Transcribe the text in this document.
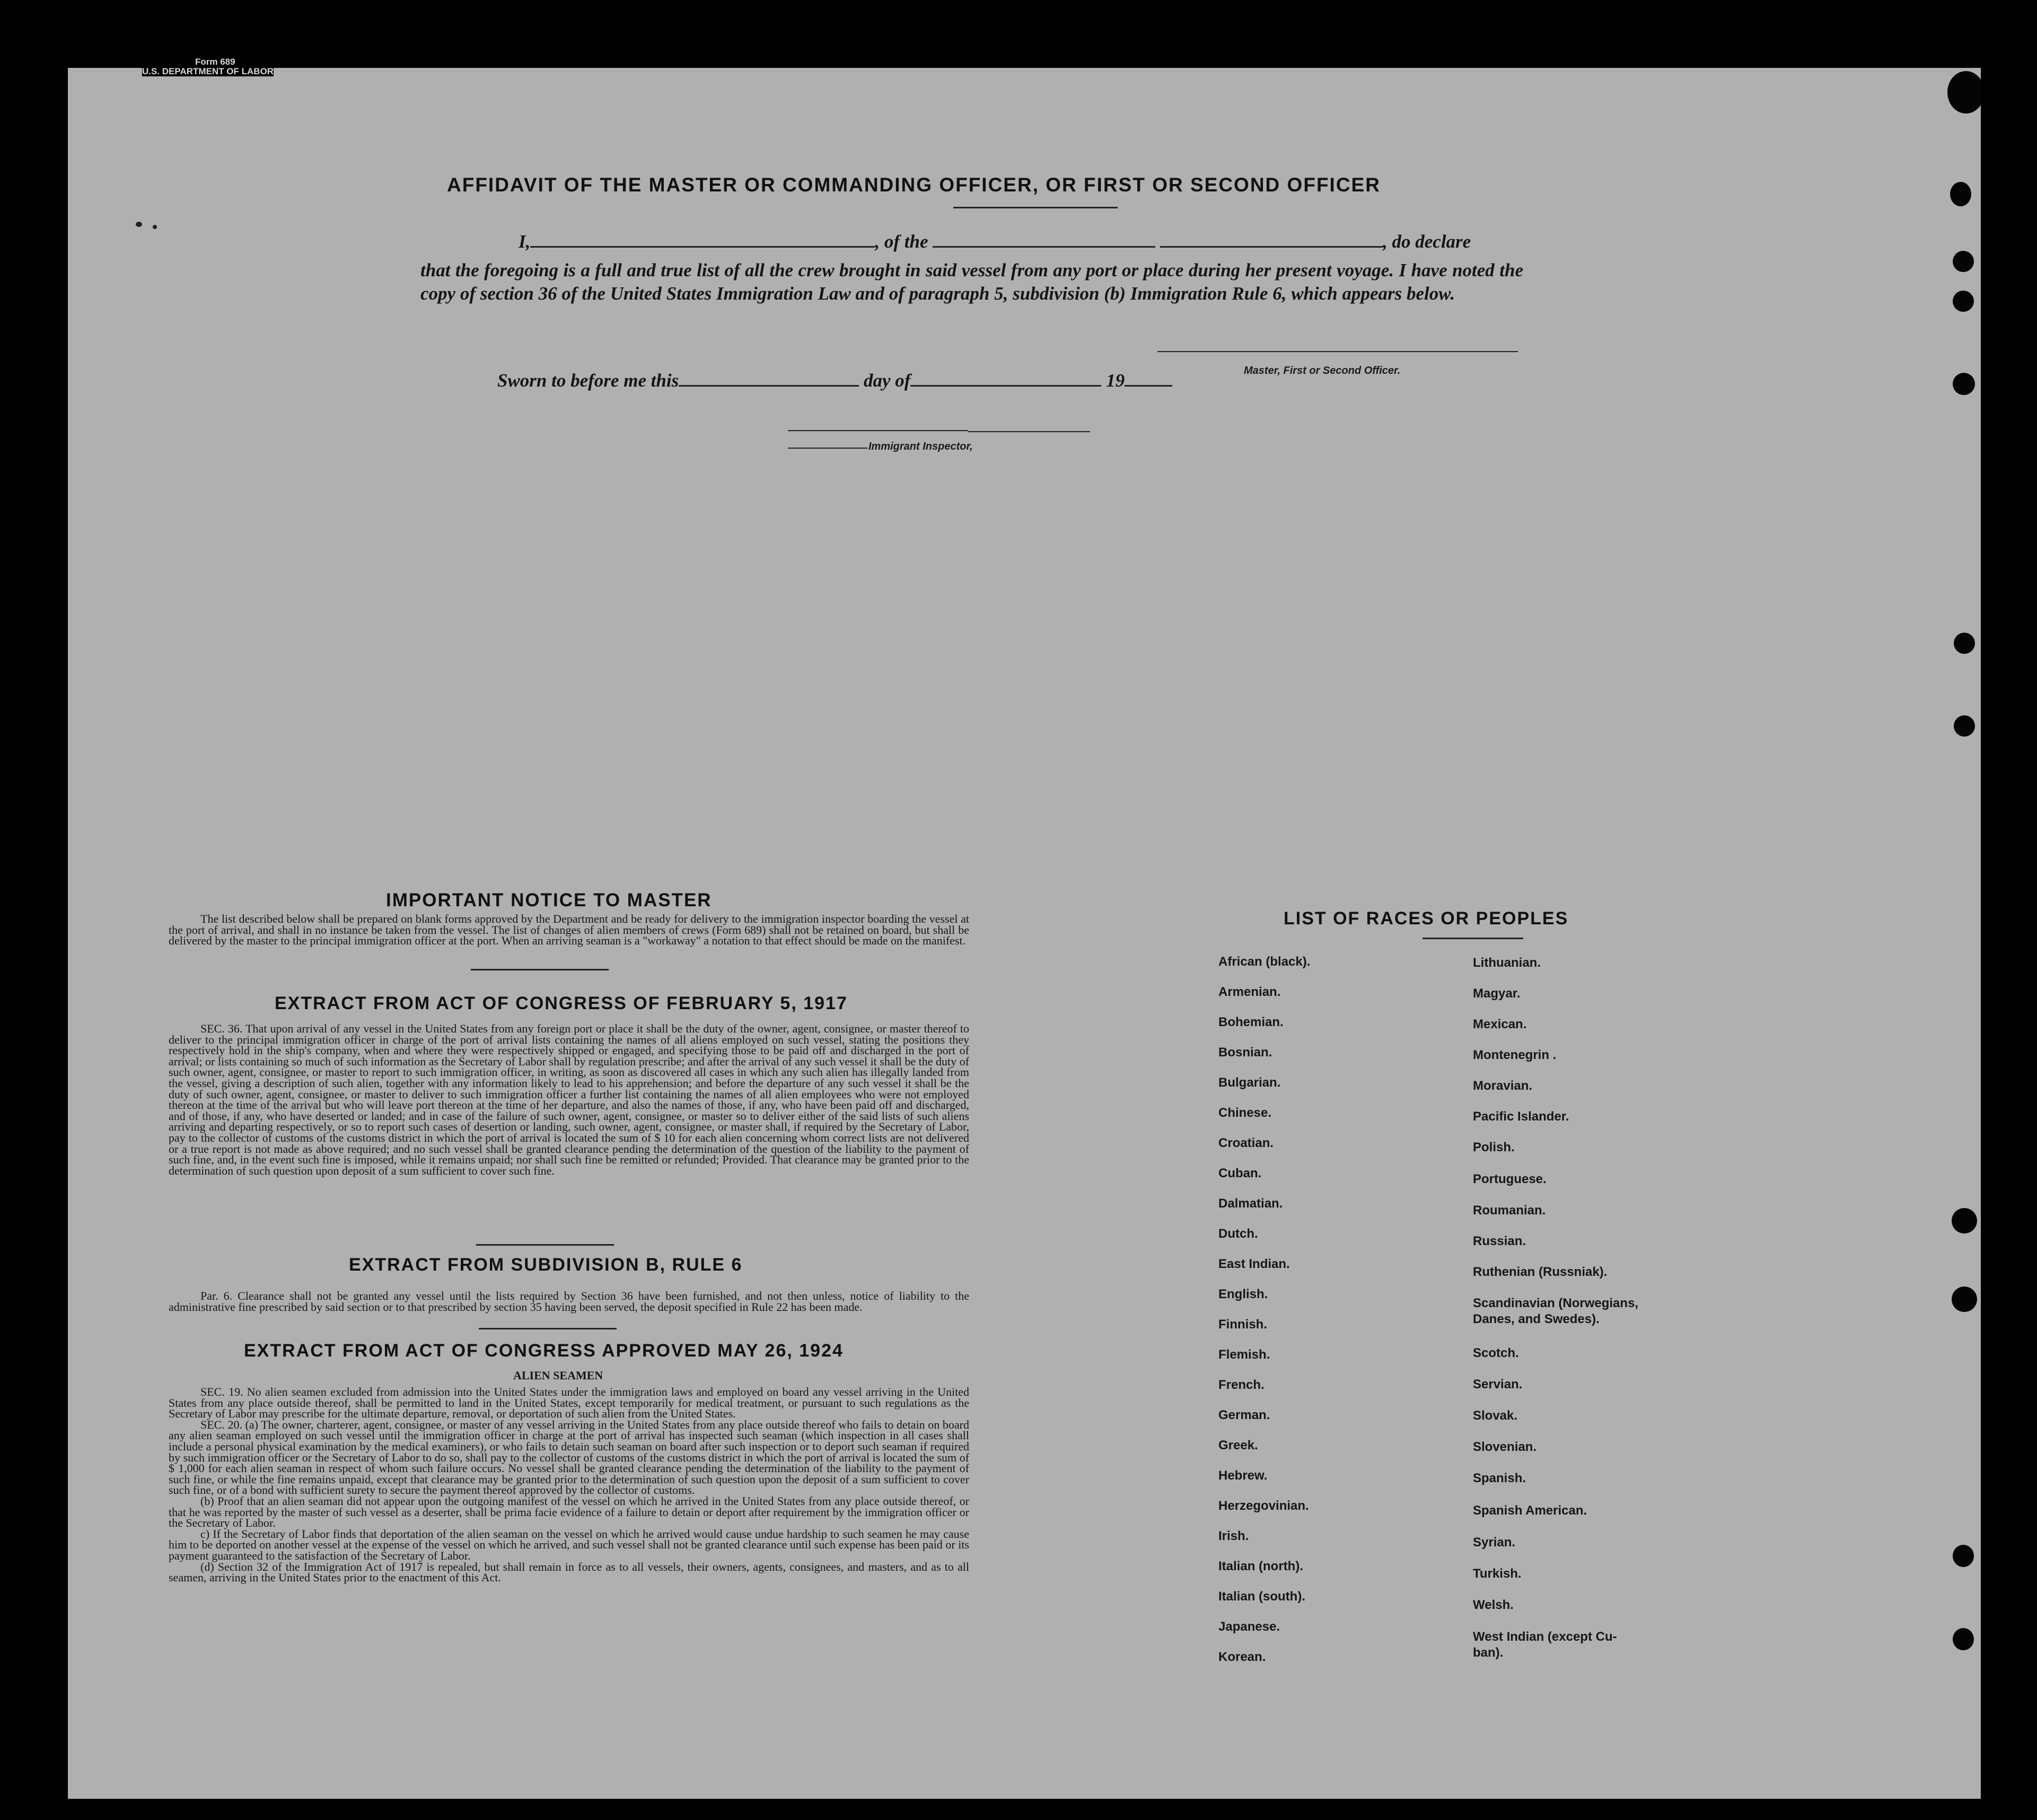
AFFIDAVIT OF THE MASTER OR COMMANDING OFFICER, OR FIRST OR SECOND OFFICER
I,	, of the	, do declare
that the foregoing is a full and true list of all the crew brought in said vessel from any port or place during her present voyage. I have noted the copy of section 36 of the United States Immigration Law and of paragraph 5, subdivision (b) Immigration Rule 6, which appears below.
Master, First or Second Officer.
Sworn to before me this	day of	19
Immigrant Inspector,
IMPORTANT NOTICE TO MASTER

The list described below shall be prepared on blank forms approved by the Department and be ready for delivery to the immigration inspector boarding the vessel at the port of arrival, and shall in no instance be taken from the vessel. The list of changes of alien members of crews (Form 689) shall not be retained on board, but shall be delivered by the master to the principal immigration officer at the port. When an arriving seaman is a "workaway" a notation to that effect should be made on the manifest.

EXTRACT FROM ACT OF CONGRESS OF FEBRUARY 5, 1917

SEC. 36. That upon arrival of any vessel in the United States from any foreign port or place it shall be the duty of the owner, agent, consignee, or master thereof to deliver to the principal immigration officer in charge of the port of arrival lists containing the names of all aliens employed on such vessel, stating the positions they respectively hold in the ship's company, when and where they were respectively shipped or engaged, and specifying those to be paid off and discharged in the port of arrival; or lists containing so much of such information as the Secretary of Labor shall by regulation prescribe; and after the arrival of any such vessel it shall be the duty of such owner, agent, consignee, or master to report to such immigration officer, in writing, as soon as discovered all cases in which any such alien has illegally landed from the vessel, giving a description of such alien, together with any information likely to lead to his apprehension; and before the departure of any such vessel it shall be the duty of such owner, agent, consignee, or master to deliver to such immigration officer a further list containing the names of all alien employees who were not employed thereon at the time of the arrival but who will leave port thereon at the time of her departure, and also the names of those, if any, who have been paid off and discharged, and of those, if any, who have deserted or landed; and in case of the failure of such owner, agent, consignee, or master so to deliver either of the said lists of such aliens arriving and departing respectively, or so to report such cases of desertion or landing, such owner, agent, consignee, or master shall, if required by the Secretary of Labor, pay to the collector of customs of the customs district in which the port of arrival is located the sum of $ 10 for each alien concerning whom correct lists are not delivered or a true report is not made as above required; and no such vessel shall be granted clearance pending the determination of the question of the liability to the payment of such fine, and, in the event such fine is imposed, while it remains unpaid; nor shall such fine be remitted or refunded; Provided. That clearance may be granted prior to the determination of such question upon deposit of a sum sufficient to cover such fine.

EXTRACT FROM SUBDIVISION B, RULE 6

Par. 6. Clearance shall not be granted any vessel until the lists required by Section 36 have been furnished, and not then unless, notice of liability to the administrative fine prescribed by said section or to that prescribed by section 35 having been served, the deposit specified in Rule 22 has been made.

EXTRACT FROM ACT OF CONGRESS APPROVED MAY 26, 1924
ALIEN SEAMEN

SEC. 19. No alien seamen excluded from admission into the United States under the immigration laws and employed on board any vessel arriving in the United States from any place outside thereof, shall be permitted to land in the United States, except temporarily for medical treatment, or pursuant to such regulations as the Secretary of Labor may prescribe for the ultimate departure, removal, or deportation of such alien from the United States.

SEC. 20. (a) The owner, charterer, agent, consignee, or master of any vessel arriving in the United States from any place outside thereof who fails to detain on board any alien seaman employed on such vessel until the immigration officer in charge at the port of arrival has inspected such seaman (which inspection in all cases shall include a personal physical examination by the medical examiners), or who fails to detain such seaman on board after such inspection or to deport such seaman if required by such immigration officer or the Secretary of Labor to do so, shall pay to the collector of customs of the customs district in which the port of arrival is located the sum of $ 1,000 for each alien seaman in respect of whom such failure occurs. No vessel shall be granted clearance pending the determination of the liability to the payment of such fine, or while the fine remains unpaid, except that clearance may be granted prior to the determination of such question upon the deposit of a sum sufficient to cover such fine, or of a bond with sufficient surety to secure the payment thereof approved by the collector of customs.

(b) Proof that an alien seaman did not appear upon the outgoing manifest of the vessel on which he arrived in the United States from any place outside thereof, or that he was reported by the master of such vessel as a deserter, shall be prima facie evidence of a failure to detain or deport after requirement by the immigration officer or the Secretary of Labor.

c) If the Secretary of Labor finds that deportation of the alien seaman on the vessel on which he arrived would cause undue hardship to such seamen he may cause him to be deported on another vessel at the expense of the vessel on which he arrived, and such vessel shall not be granted clearance until such expense has been paid or its payment guaranteed to the satisfaction of the Secretary of Labor.

(d) Section 32 of the Immigration Act of 1917 is repealed, but shall remain in force as to all vessels, their owners, agents, consignees, and masters, and as to all seamen, arriving in the United States prior to the enactment of this Act.

LIST OF RACES OR PEOPLES
African (black).
Armenian.
Bohemian.
Bosnian.
Bulgarian.
Chinese.
Croatian.
Cuban.
Dalmatian.
Dutch.
East Indian.
English.
Finnish.
Flemish.
French.
German.
Greek.
Hebrew.
Herzegovinian.
Irish.
Italian (north).
Italian (south).
Japanese.
Korean.
Lithuanian.
Magyar.
Mexican.
Montenegrin .
Moravian.
Pacific Islander.
Polish.
Portuguese.
Roumanian.
Russian.
Ruthenian (Russniak).
Scandinavian (Norwegians,
Danes, and Swedes).
Scotch.
Servian.
Slovak.
Slovenian.
Spanish.
Spanish American.
Syrian.
Turkish.
Welsh.
West Indian (except Cu-
ban).
Form 689
U.S. DEPARTMENT OF LABOR
